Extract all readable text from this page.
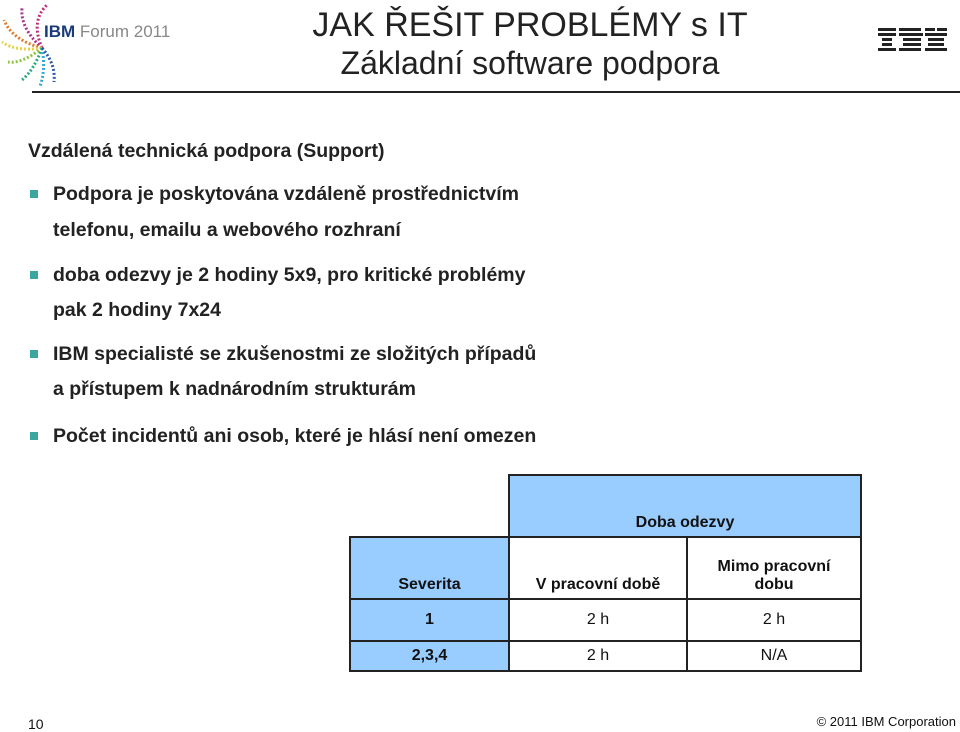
IBM Forum 2011	JAK ŘEŠIT PROBLÉMY s IT
Základní software podpora
Vzdálená technická podpora (Support)
Podpora je poskytována vzdáleně prostřednictvím
telefonu, emailu a webového rozhraní
doba odezvy je 2 hodiny 5x9, pro kritické problémy
pak 2 hodiny 7x24
IBM specialisté se zkušenostmi ze složitých případů
a přístupem k nadnárodním strukturám
Počet incidentů ani osob, které je hlásí není omezen
	Doba odezvy	
Severita	V pracovní době	Mimo pracovní
dobu
1	2 h	2 h
2,3,4	2 h	N/A
10	© 2011 IBM Corporation
